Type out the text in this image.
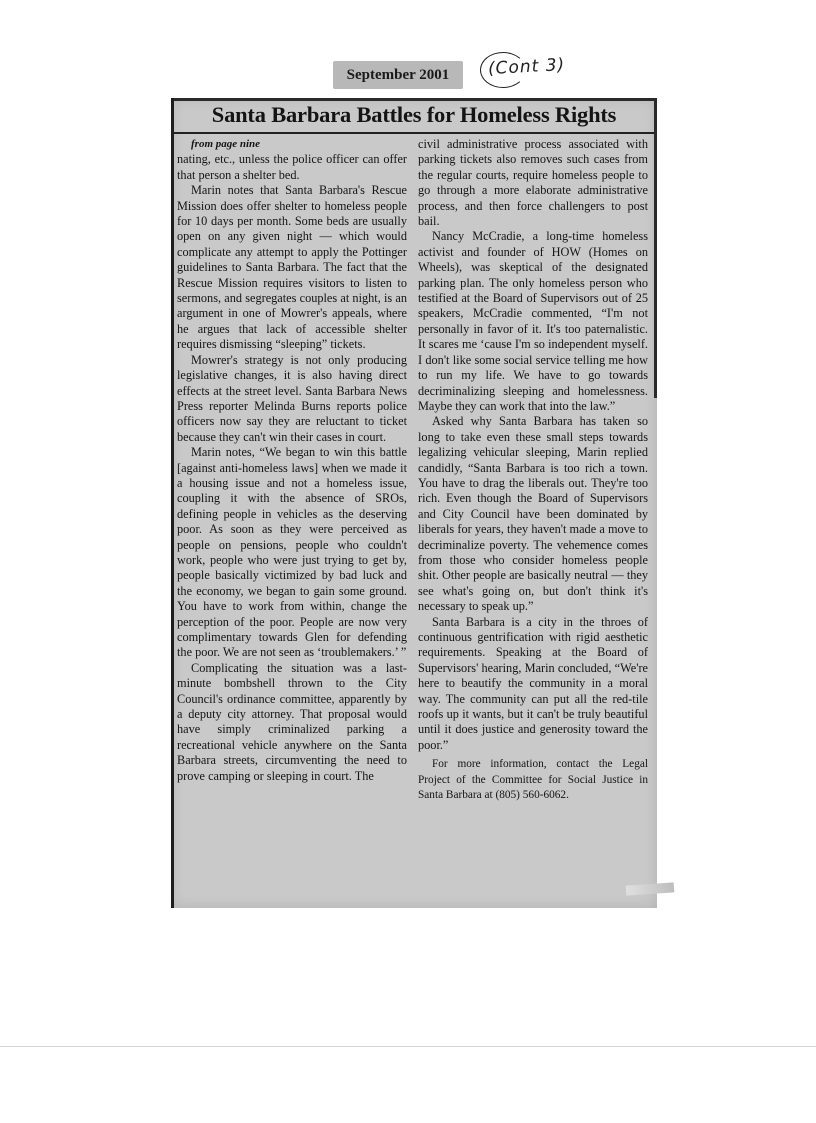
September 2001	(Cont 3)
Santa Barbara Battles for Homeless Rights

from page nine

nating, etc., unless the police officer can offer that person a shelter bed.

Marin notes that Santa Barbara's Rescue Mission does offer shelter to homeless people for 10 days per month. Some beds are usually open on any given night — which would complicate any attempt to apply the Pottinger guidelines to Santa Barbara. The fact that the Rescue Mission requires visitors to listen to sermons, and segregates couples at night, is an argument in one of Mowrer's appeals, where he argues that lack of accessible shelter requires dismissing “sleeping” tickets.

Mowrer's strategy is not only producing legislative changes, it is also having direct effects at the street level. Santa Barbara News Press reporter Melinda Burns reports police officers now say they are reluctant to ticket because they can't win their cases in court.

Marin notes, “We began to win this battle [against anti-homeless laws] when we made it a housing issue and not a homeless issue, coupling it with the absence of SROs, defining people in vehicles as the deserving poor. As soon as they were perceived as people on pensions, people who couldn't work, people who were just trying to get by, people basically victimized by bad luck and the economy, we began to gain some ground. You have to work from within, change the perception of the poor. People are now very complimentary towards Glen for defending the poor. We are not seen as ‘troublemakers.’ ”

Complicating the situation was a last-minute bombshell thrown to the City Council's ordinance committee, apparently by a deputy city attorney. That proposal would have simply criminalized parking a recreational vehicle anywhere on the Santa Barbara streets, circumventing the need to prove camping or sleeping in court. The

civil administrative process associated with parking tickets also removes such cases from the regular courts, require homeless people to go through a more elaborate administrative process, and then force challengers to post bail.

Nancy McCradie, a long-time homeless activist and founder of HOW (Homes on Wheels), was skeptical of the designated parking plan. The only homeless person who testified at the Board of Supervisors out of 25 speakers, McCradie commented, “I'm not personally in favor of it. It's too paternalistic. It scares me ‘cause I'm so independent myself. I don't like some social service telling me how to run my life. We have to go towards decriminalizing sleeping and homelessness. Maybe they can work that into the law.”

Asked why Santa Barbara has taken so long to take even these small steps towards legalizing vehicular sleeping, Marin replied candidly, “Santa Barbara is too rich a town. You have to drag the liberals out. They're too rich. Even though the Board of Supervisors and City Council have been dominated by liberals for years, they haven't made a move to decriminalize poverty. The vehemence comes from those who consider homeless people shit. Other people are basically neutral — they see what's going on, but don't think it's necessary to speak up.”

Santa Barbara is a city in the throes of continuous gentrification with rigid aesthetic requirements. Speaking at the Board of Supervisors' hearing, Marin concluded, “We're here to beautify the community in a moral way. The community can put all the red-tile roofs up it wants, but it can't be truly beautiful until it does justice and generosity toward the poor.”

For more information, contact the Legal Project of the Committee for Social Justice in Santa Barbara at (805) 560-6062.
